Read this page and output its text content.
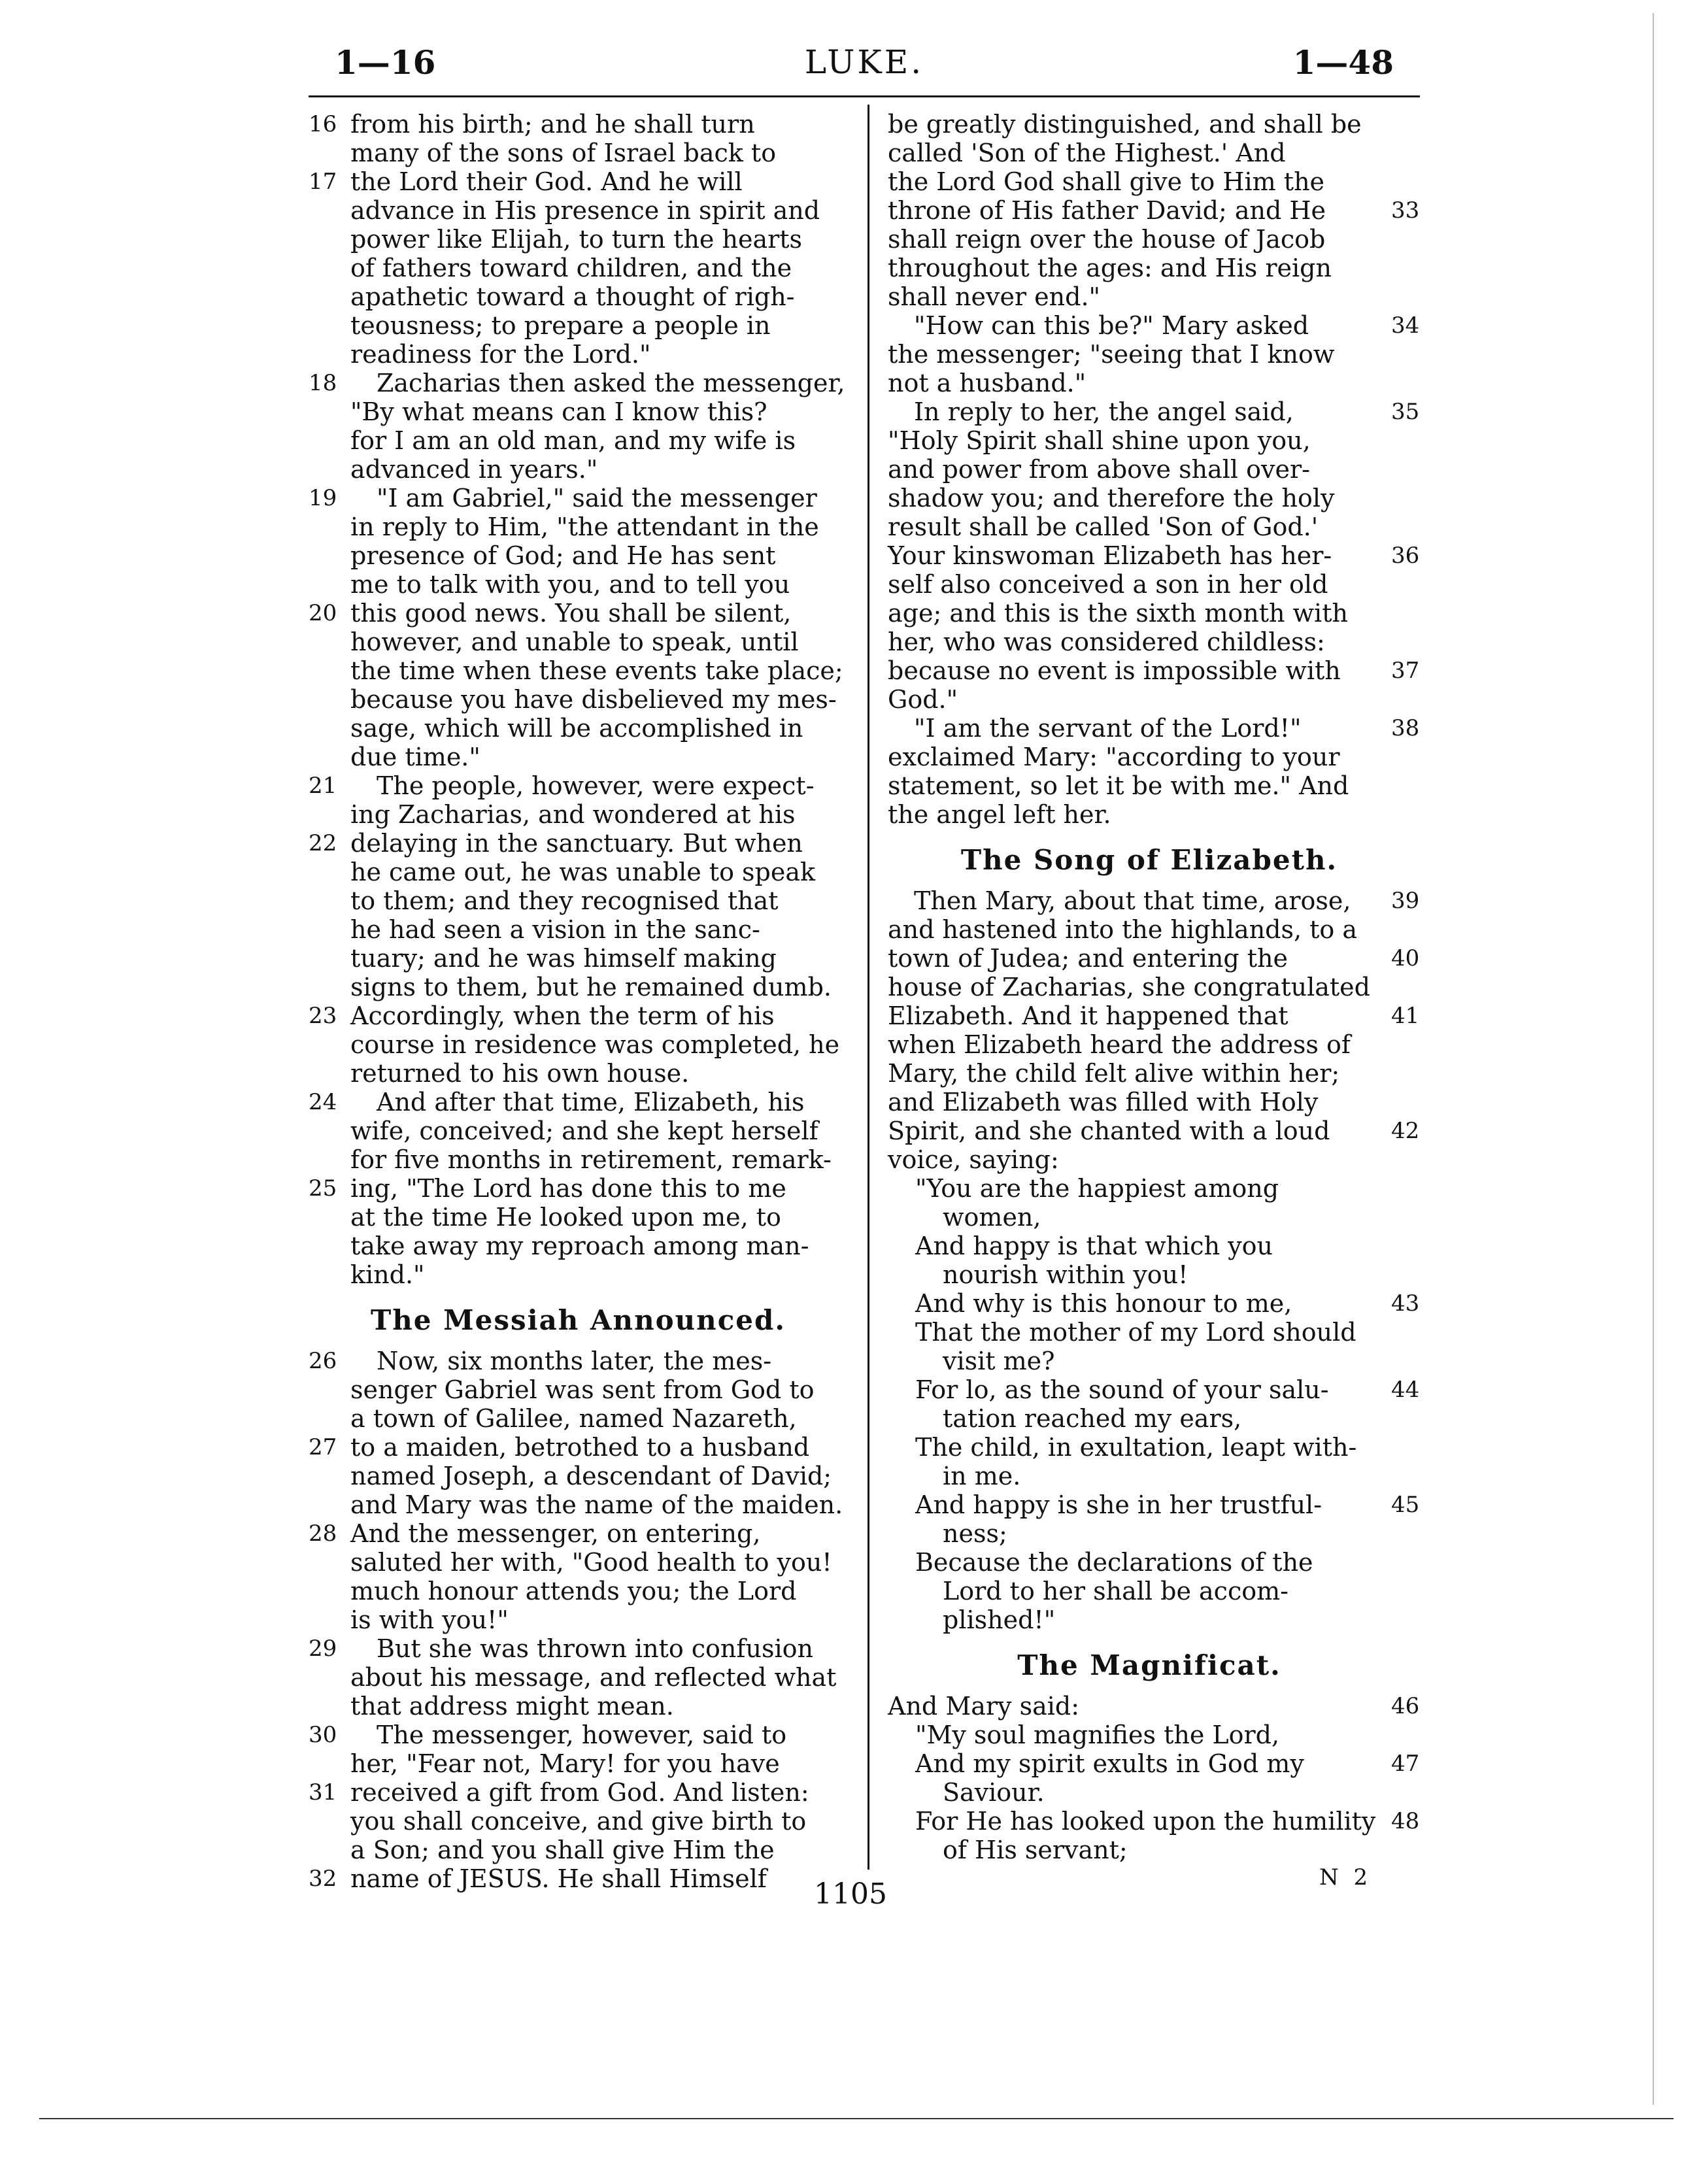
1—16	LUKE.	1—48
16 from his birth; and he shall turn
many of the sons of Israel back to
17 the Lord their God. And he will
advance in His presence in spirit and
power like Elijah, to turn the hearts
of fathers toward children, and the
apathetic toward a thought of righ-
teousness; to prepare a people in
readiness for the Lord."
18 Zacharias then asked the messenger,
"By what means can I know this?
for I am an old man, and my wife is
advanced in years."
19 "I am Gabriel," said the messenger
in reply to Him, "the attendant in the
presence of God; and He has sent
me to talk with you, and to tell you
20 this good news. You shall be silent,
however, and unable to speak, until
the time when these events take place;
because you have disbelieved my mes-
sage, which will be accomplished in
due time."
21 The people, however, were expect-
ing Zacharias, and wondered at his
22 delaying in the sanctuary. But when
he came out, he was unable to speak
to them; and they recognised that
he had seen a vision in the sanc-
tuary; and he was himself making
signs to them, but he remained dumb.
23 Accordingly, when the term of his
course in residence was completed, he
returned to his own house.
24 And after that time, Elizabeth, his
wife, conceived; and she kept herself
for five months in retirement, remark-
25 ing, "The Lord has done this to me
at the time He looked upon me, to
take away my reproach among man-
kind."
The Messiah Announced.
26 Now, six months later, the mes-
senger Gabriel was sent from God to
a town of Galilee, named Nazareth,
27 to a maiden, betrothed to a husband
named Joseph, a descendant of David;
and Mary was the name of the maiden.
28 And the messenger, on entering,
saluted her with, "Good health to you!
much honour attends you; the Lord
is with you!"
29 But she was thrown into confusion
about his message, and reflected what
that address might mean.
30 The messenger, however, said to
her, "Fear not, Mary! for you have
31 received a gift from God. And listen:
you shall conceive, and give birth to
a Son; and you shall give Him the
32 name of JESUS. He shall Himself
be greatly distinguished, and shall be
called 'Son of the Highest.' And
the Lord God shall give to Him the
33
throne of His father David; and He
shall reign over the house of Jacob
throughout the ages: and His reign
shall never end."
34
"How can this be?" Mary asked
the messenger; "seeing that I know
not a husband."
35
In reply to her, the angel said,
"Holy Spirit shall shine upon you,
and power from above shall over-
shadow you; and therefore the holy
result shall be called 'Son of God.'
36
Your kinswoman Elizabeth has her-
self also conceived a son in her old
age; and this is the sixth month with
her, who was considered childless:
37
because no event is impossible with
God."
38
"I am the servant of the Lord!"
exclaimed Mary: "according to your
statement, so let it be with me." And
the angel left her.
The Song of Elizabeth.
39
Then Mary, about that time, arose,
and hastened into the highlands, to a
40
town of Judea; and entering the
house of Zacharias, she congratulated
41
Elizabeth. And it happened that
when Elizabeth heard the address of
Mary, the child felt alive within her;
and Elizabeth was filled with Holy
42
Spirit, and she chanted with a loud
voice, saying:
"You are the happiest among
women,
And happy is that which you
nourish within you!
43
And why is this honour to me,
That the mother of my Lord should
visit me?
44
For lo, as the sound of your salu-
tation reached my ears,
The child, in exultation, leapt with-
in me.
45
And happy is she in her trustful-
ness;
Because the declarations of the
Lord to her shall be accom-
plished!"
The Magnificat.
46
And Mary said:
"My soul magnifies the Lord,
47
And my spirit exults in God my
Saviour.
48
For He has looked upon the humility
of His servant;
N 2
1105
